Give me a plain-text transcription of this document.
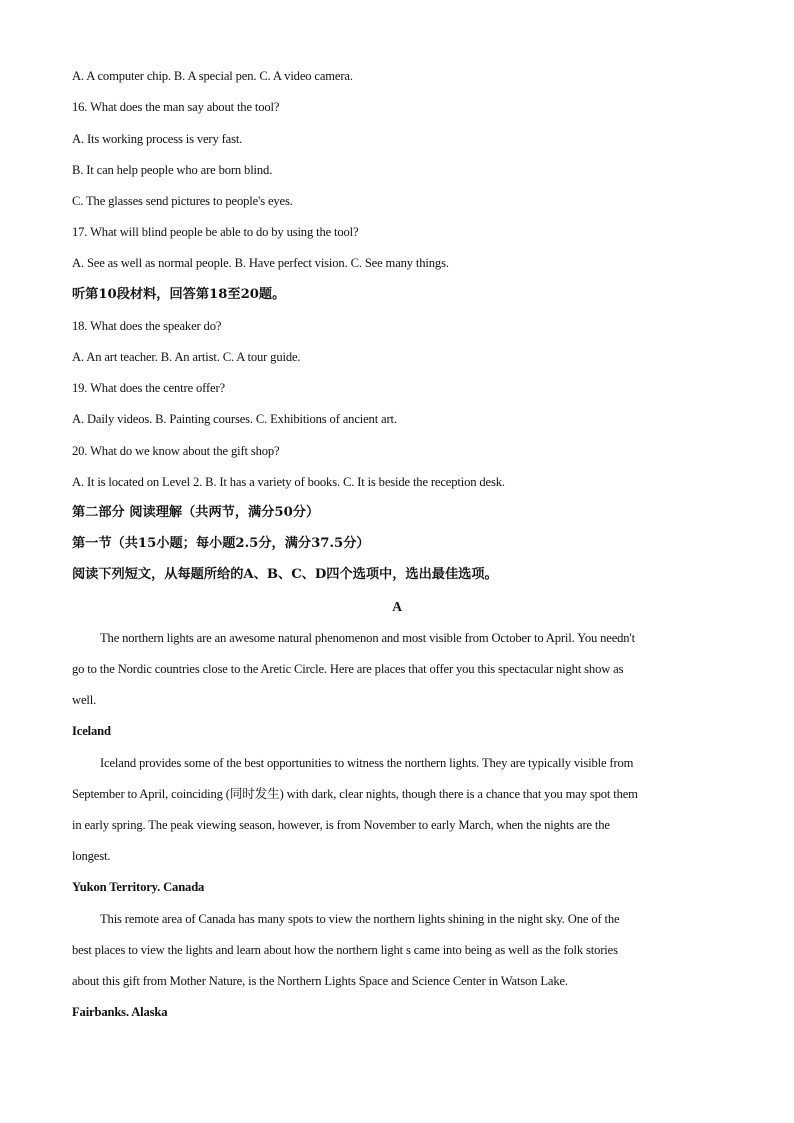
A. A computer chip. B. A special pen. C. A video camera.
16. What does the man say about the tool?
A. Its working process is very fast.
B. It can help people who are born blind.
C. The glasses send pictures to people's eyes.
17. What will blind people be able to do by using the tool?
A. See as well as normal people. B. Have perfect vision. C. See many things.
听第10段材料，回答第18至20题。
18. What does the speaker do?
A. An art teacher. B. An artist. C. A tour guide.
19. What does the centre offer?
A. Daily videos. B. Painting courses. C. Exhibitions of ancient art.
20. What do we know about the gift shop?
A. It is located on Level 2. B. It has a variety of books. C. It is beside the reception desk.
第二部分 阅读理解（共两节，满分50分）
第一节（共15小题；每小题2.5分，满分37.5分）
阅读下列短文，从每题所给的A、B、C、D四个选项中，选出最佳选项。
A
The northern lights are an awesome natural phenomenon and most visible from October to April. You needn't
go to the Nordic countries close to the Aretic Circle. Here are places that offer you this spectacular night show as
well.
Iceland
Iceland provides some of the best opportunities to witness the northern lights. They are typically visible from
September to April, coinciding (同时发生) with dark, clear nights, though there is a chance that you may spot them
in early spring. The peak viewing season, however, is from November to early March, when the nights are the
longest.
Yukon Territory. Canada
This remote area of Canada has many spots to view the northern lights shining in the night sky. One of the
best places to view the lights and learn about how the northern light s came into being as well as the folk stories
about this gift from Mother Nature, is the Northern Lights Space and Science Center in Watson Lake.
Fairbanks. Alaska
